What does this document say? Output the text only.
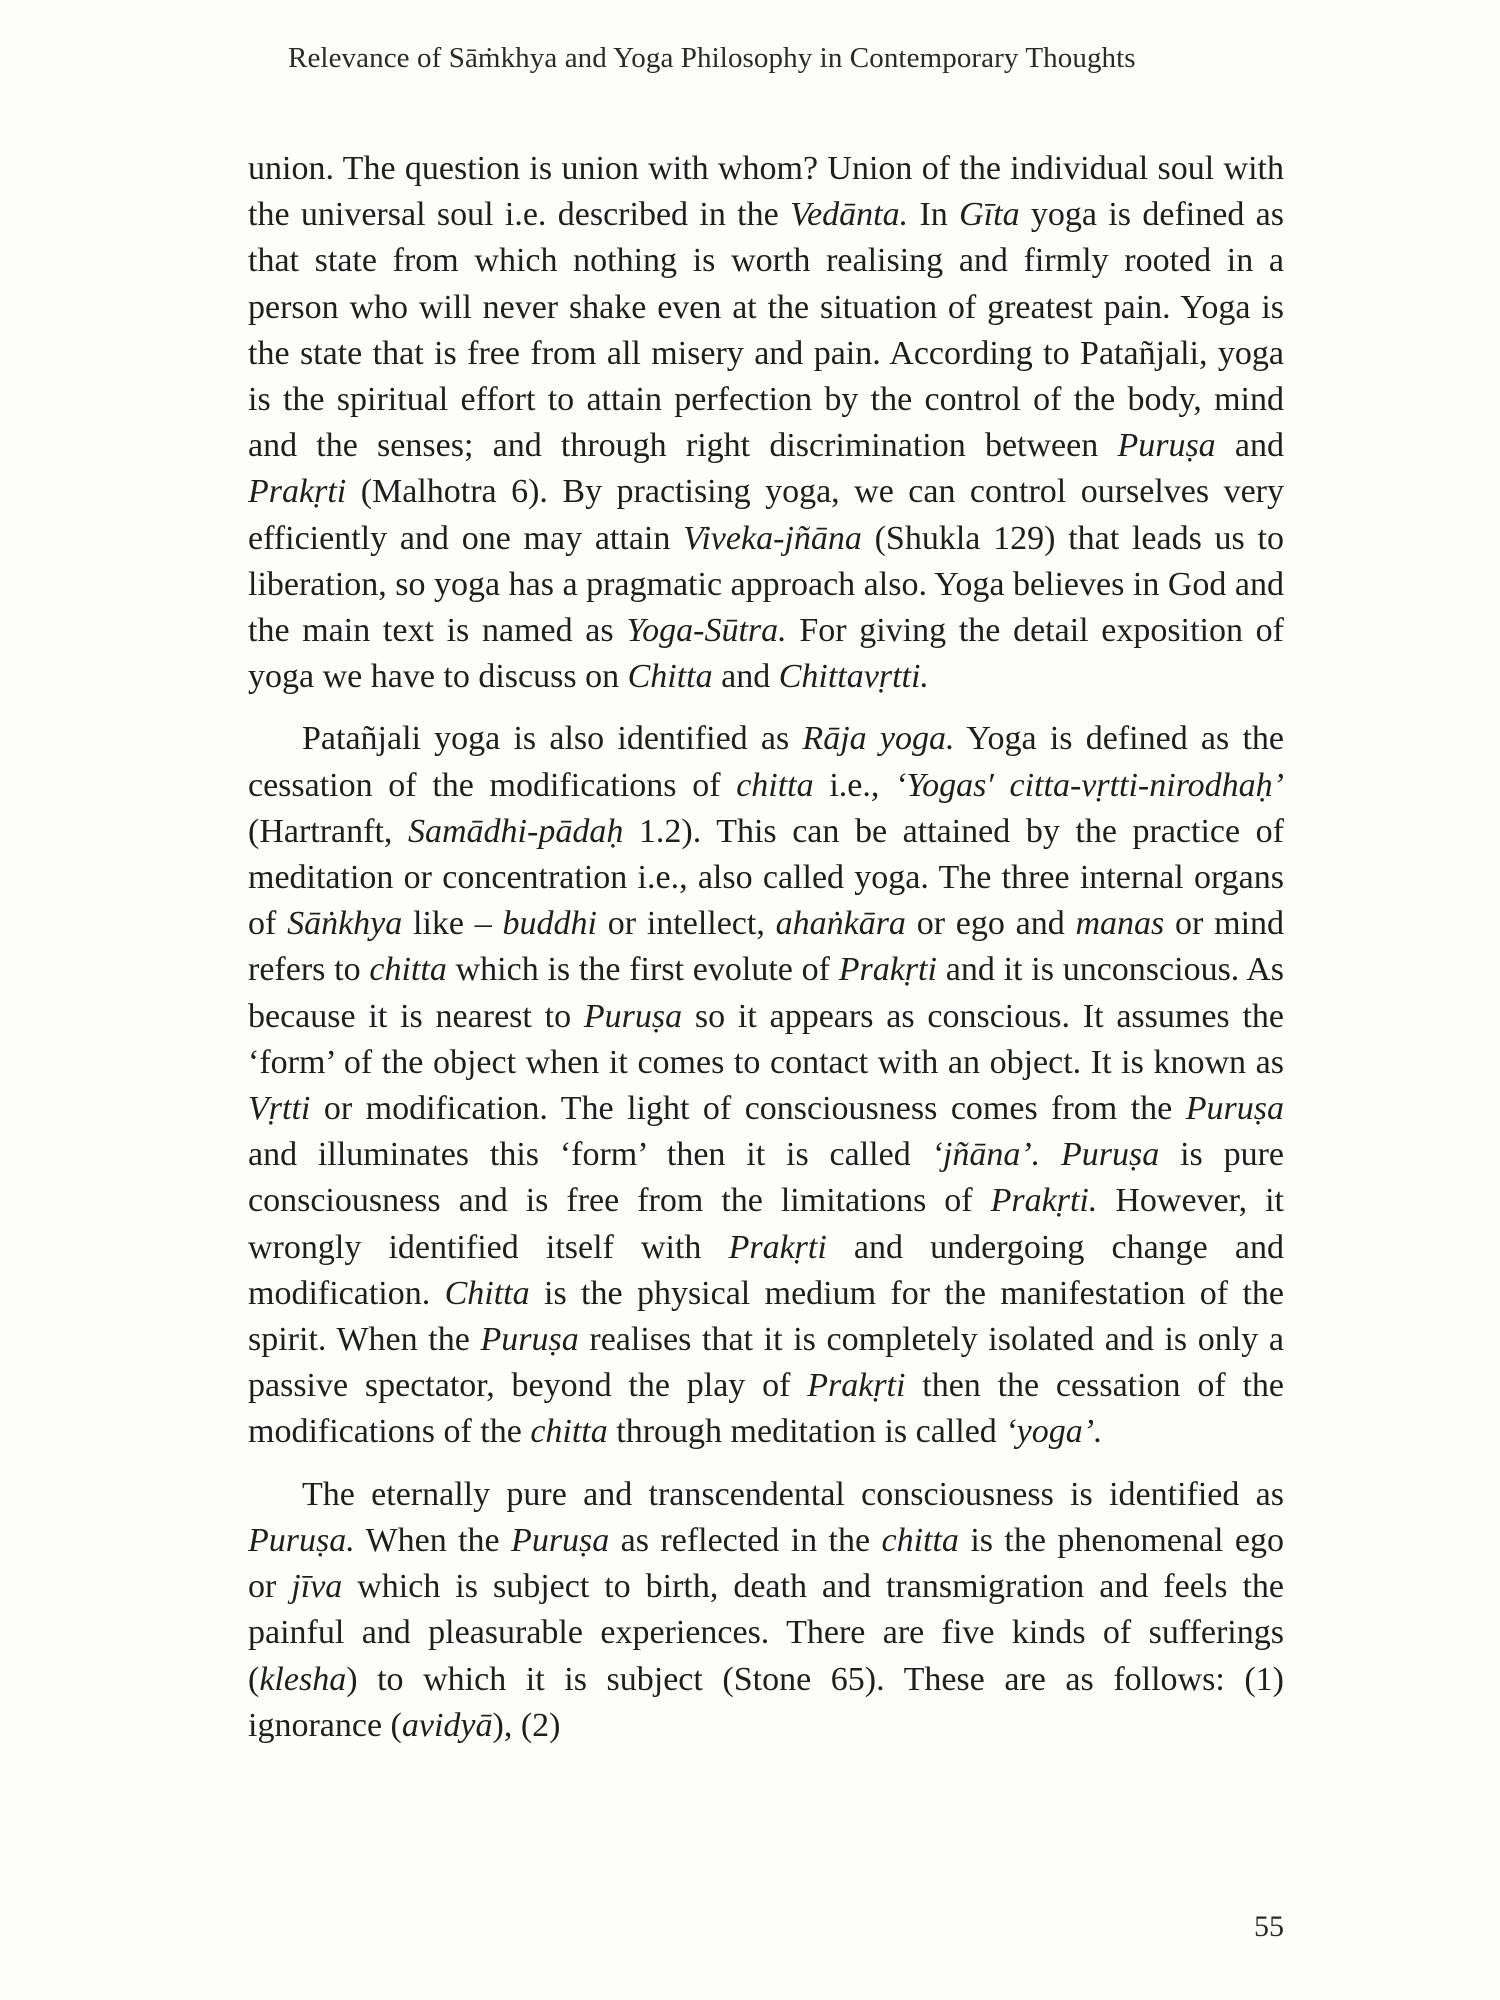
Relevance of Sāṁkhya and Yoga Philosophy in Contemporary Thoughts

union. The question is union with whom? Union of the individual soul with the universal soul i.e. described in the Vedānta. In Gīta yoga is defined as that state from which nothing is worth realising and firmly rooted in a person who will never shake even at the situation of greatest pain. Yoga is the state that is free from all misery and pain. According to Patañjali, yoga is the spiritual effort to attain perfection by the control of the body, mind and the senses; and through right discrimination between Puruṣa and Prakṛti (Malhotra 6). By practising yoga, we can control ourselves very efficiently and one may attain Viveka-jñāna (Shukla 129) that leads us to liberation, so yoga has a pragmatic approach also. Yoga believes in God and the main text is named as Yoga-Sūtra. For giving the detail exposition of yoga we have to discuss on Chitta and Chittavṛtti.

Patañjali yoga is also identified as Rāja yoga. Yoga is defined as the cessation of the modifications of chitta i.e., ‘Yogas′ citta-vṛtti-nirodhaḥ’ (Hartranft, Samādhi-pādaḥ 1.2). This can be attained by the practice of meditation or concentration i.e., also called yoga. The three internal organs of Sāṅkhya like – buddhi or intellect, ahaṅkāra or ego and manas or mind refers to chitta which is the first evolute of Prakṛti and it is unconscious. As because it is nearest to Puruṣa so it appears as conscious. It assumes the ‘form’ of the object when it comes to contact with an object. It is known as Vṛtti or modification. The light of consciousness comes from the Puruṣa and illuminates this ‘form’ then it is called ‘jñāna’. Puruṣa is pure consciousness and is free from the limitations of Prakṛti. However, it wrongly identified itself with Prakṛti and undergoing change and modification. Chitta is the physical medium for the manifestation of the spirit. When the Puruṣa realises that it is completely isolated and is only a passive spectator, beyond the play of Prakṛti then the cessation of the modifications of the chitta through meditation is called ‘yoga’.

The eternally pure and transcendental consciousness is identified as Puruṣa. When the Puruṣa as reflected in the chitta is the phenomenal ego or jīva which is subject to birth, death and transmigration and feels the painful and pleasurable experiences. There are five kinds of sufferings (klesha) to which it is subject (Stone 65). These are as follows: (1) ignorance (avidyā), (2)

55
